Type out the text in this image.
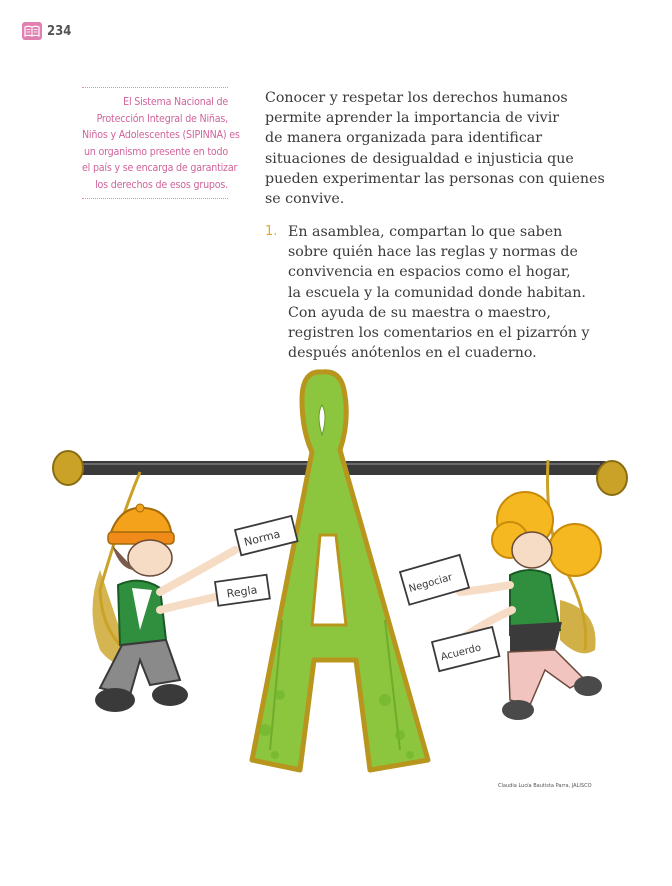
234
El Sistema Nacional de
Protección Integral de Niñas,
Niños y Adolescentes (SIPINNA) es
un organismo presente en todo
el país y se encarga de garantizar
los derechos de esos grupos.
Conocer y respetar los derechos humanos
permite aprender la importancia de vivir
de manera organizada para identificar
situaciones de desigualdad e injusticia que
pueden experimentar las personas con quienes
se convive.
1. En asamblea, compartan lo que saben
sobre quién hace las reglas y normas de
convivencia en espacios como el hogar,
la escuela y la comunidad donde habitan.
Con ayuda de su maestra o maestro,
registren los comentarios en el pizarrón y
después anótenlos en el cuaderno.
Norma
Regla	Negociar
Acuerdo
Claudia Lucía Bautista Parra, JALISCO
